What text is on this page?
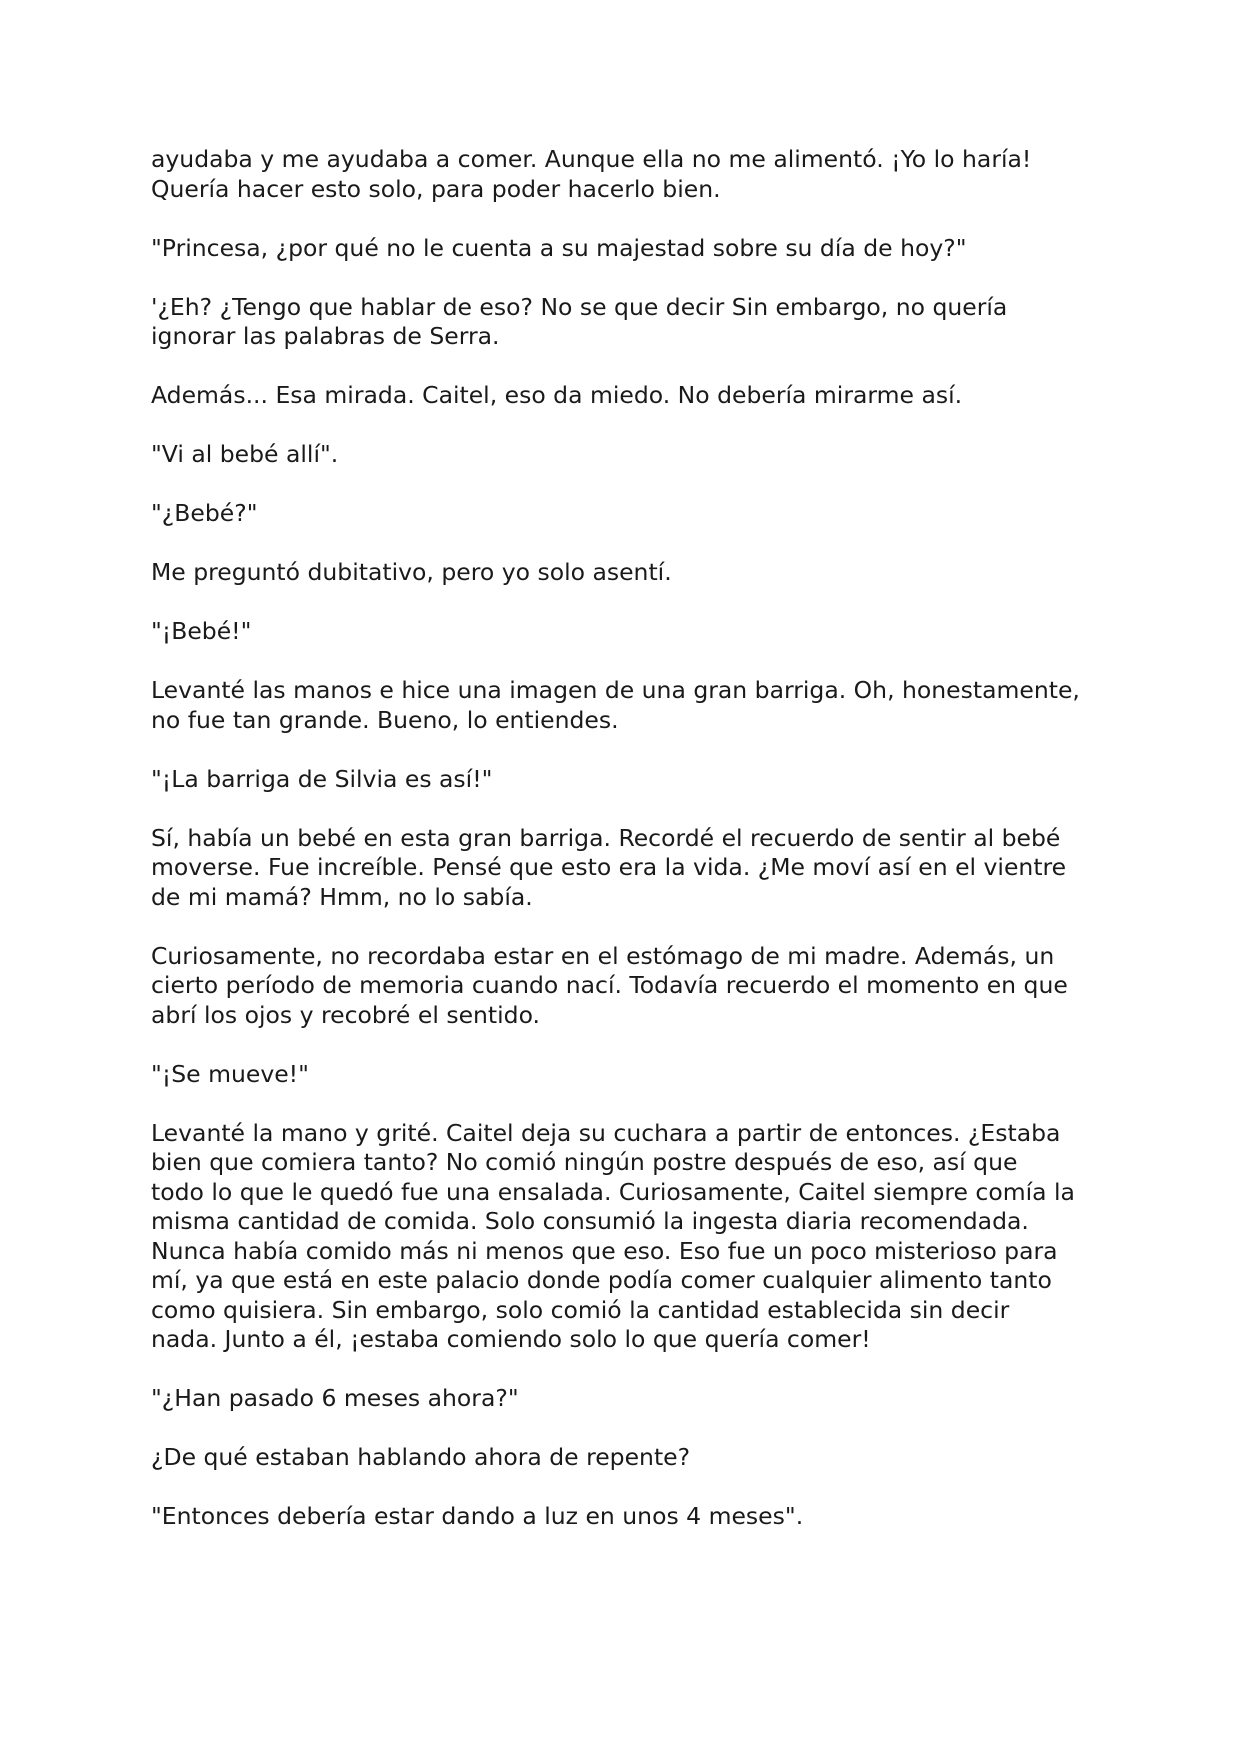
ayudaba y me ayudaba a comer. Aunque ella no me alimentó. ¡Yo lo haría!
Quería hacer esto solo, para poder hacerlo bien.

"Princesa, ¿por qué no le cuenta a su majestad sobre su día de hoy?"

'¿Eh? ¿Tengo que hablar de eso? No se que decir Sin embargo, no quería
ignorar las palabras de Serra.

Además... Esa mirada. Caitel, eso da miedo. No debería mirarme así.

"Vi al bebé allí".

"¿Bebé?"

Me preguntó dubitativo, pero yo solo asentí.

"¡Bebé!"

Levanté las manos e hice una imagen de una gran barriga. Oh, honestamente,
no fue tan grande. Bueno, lo entiendes.

"¡La barriga de Silvia es así!"

Sí, había un bebé en esta gran barriga. Recordé el recuerdo de sentir al bebé
moverse. Fue increíble. Pensé que esto era la vida. ¿Me moví así en el vientre
de mi mamá? Hmm, no lo sabía.

Curiosamente, no recordaba estar en el estómago de mi madre. Además, un
cierto período de memoria cuando nací. Todavía recuerdo el momento en que
abrí los ojos y recobré el sentido.

"¡Se mueve!"

Levanté la mano y grité. Caitel deja su cuchara a partir de entonces. ¿Estaba
bien que comiera tanto? No comió ningún postre después de eso, así que
todo lo que le quedó fue una ensalada. Curiosamente, Caitel siempre comía la
misma cantidad de comida. Solo consumió la ingesta diaria recomendada.
Nunca había comido más ni menos que eso. Eso fue un poco misterioso para
mí, ya que está en este palacio donde podía comer cualquier alimento tanto
como quisiera. Sin embargo, solo comió la cantidad establecida sin decir
nada. Junto a él, ¡estaba comiendo solo lo que quería comer!

"¿Han pasado 6 meses ahora?"

¿De qué estaban hablando ahora de repente?

"Entonces debería estar dando a luz en unos 4 meses".
